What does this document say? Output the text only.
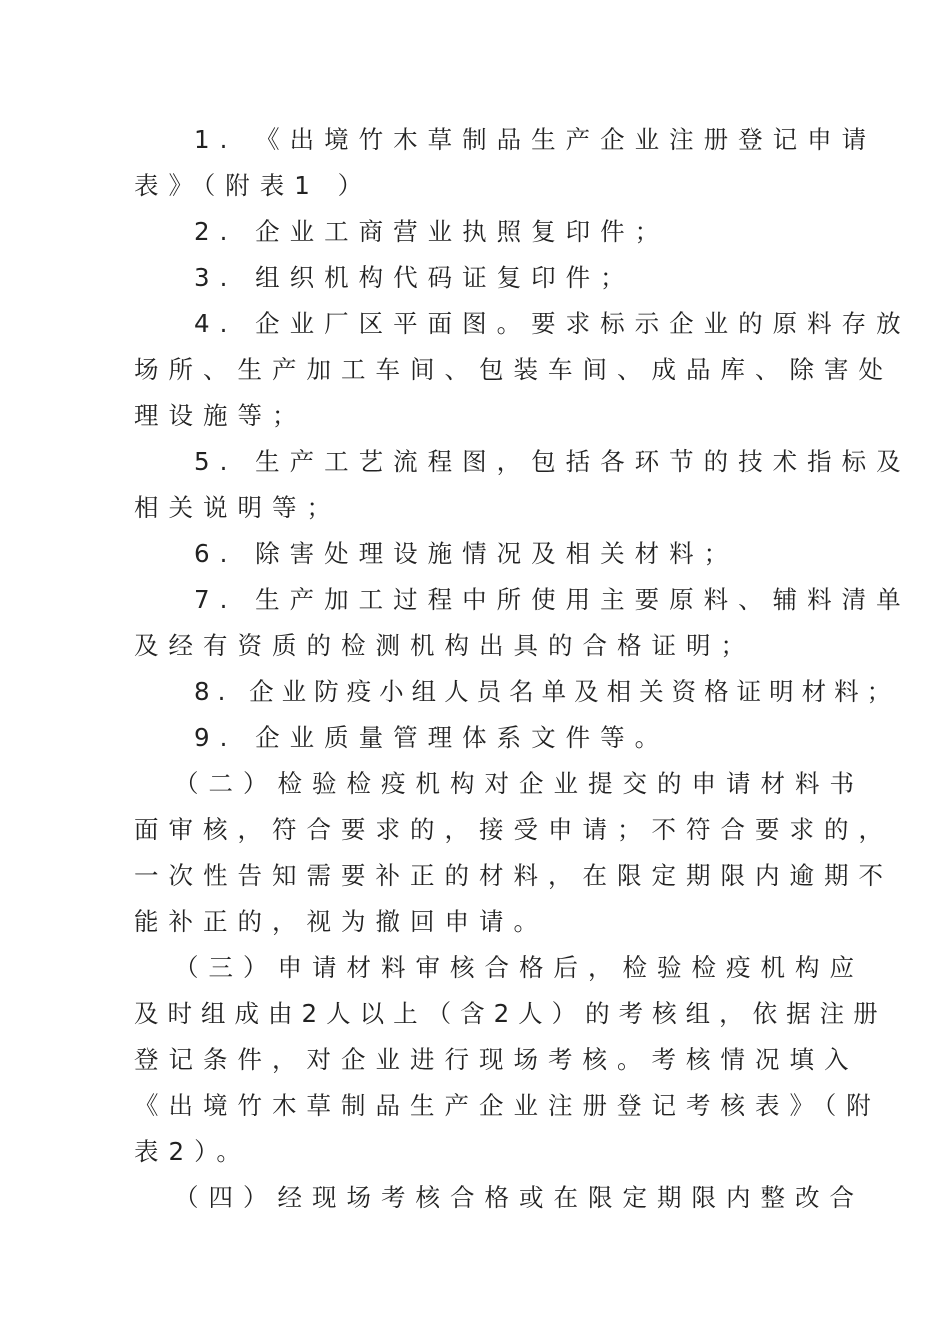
1. 《出境竹木草制品生产企业注册登记申请
表》（附表1 ）
2. 企业工商营业执照复印件；
3. 组织机构代码证复印件；
4. 企业厂区平面图。要求标示企业的原料存放
场所、生产加工车间、包装车间、成品库、除害处
理设施等；
5. 生产工艺流程图，包括各环节的技术指标及
相关说明等；
6. 除害处理设施情况及相关材料；
7. 生产加工过程中所使用主要原料、辅料清单
及经有资质的检测机构出具的合格证明；
8. 企业防疫小组人员名单及相关资格证明材料；
9. 企业质量管理体系文件等。
（二）检验检疫机构对企业提交的申请材料书
面审核，符合要求的，接受申请；不符合要求的，
一次性告知需要补正的材料，在限定期限内逾期不
能补正的，视为撤回申请。
（三）申请材料审核合格后，检验检疫机构应
及时组成由2人以上（含2人）的考核组，依据注册
登记条件，对企业进行现场考核。考核情况填入
《出境竹木草制品生产企业注册登记考核表》（附
表2）。
（四）经现场考核合格或在限定期限内整改合
